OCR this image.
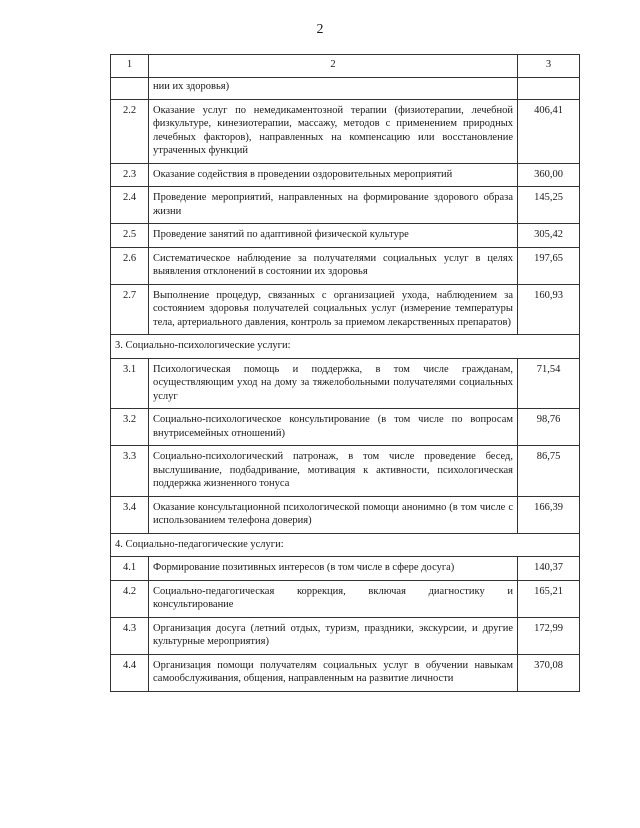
2
1	2	3
	нии их здоровья)	
2.2	Оказание услуг по немедикаментозной терапии (физиотерапии, лечебной физкультуре, кинезиотерапии, массажу, методов с применением природных лечебных факторов), направленных на компенсацию или восстановление утраченных функций	406,41
2.3	Оказание содействия в проведении оздоровительных мероприятий	360,00
2.4	Проведение мероприятий, направленных на формирование здорового образа жизни	145,25
2.5	Проведение занятий по адаптивной физической культуре	305,42
2.6	Систематическое наблюдение за получателями социальных услуг в целях выявления отклонений в состоянии их здоровья	197,65
2.7	Выполнение процедур, связанных с организацией ухода, наблюдением за состоянием здоровья получателей социальных услуг (измерение температуры тела, артериального давления, контроль за приемом лекарственных препаратов)	160,93
3. Социально-психологические услуги:		
3.1	Психологическая помощь и поддержка, в том числе гражданам, осуществляющим уход на дому за тяжелобольными получателями социальных услуг	71,54
3.2	Социально-психологическое консультирование (в том числе по вопросам внутрисемейных отношений)	98,76
3.3	Социально-психологический патронаж, в том числе проведение бесед, выслушивание, подбадривание, мотивация к активности, психологическая поддержка жизненного тонуса	86,75
3.4	Оказание консультационной психологической помощи анонимно (в том числе с использованием телефона доверия)	166,39
4. Социально-педагогические услуги:		
4.1	Формирование позитивных интересов (в том числе в сфере досуга)	140,37
4.2	Социально-педагогическая коррекция, включая диагностику и консультирование	165,21
4.3	Организация досуга (летний отдых, туризм, праздники, экскурсии, и другие культурные мероприятия)	172,99
4.4	Организация помощи получателям социальных услуг в обучении навыкам самообслуживания, общения, направленным на развитие личности	370,08
